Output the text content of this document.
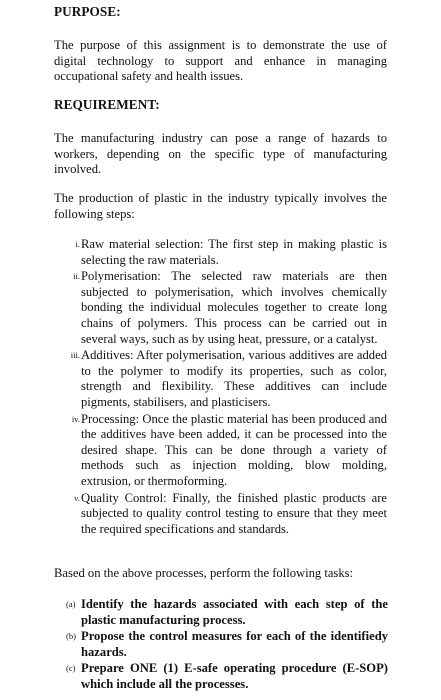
PURPOSE:
The purpose of this assignment is to demonstrate the use of digital technology to support and enhance in managing occupational safety and health issues.
REQUIREMENT:
The manufacturing industry can pose a range of hazards to workers, depending on the specific type of manufacturing involved.
The production of plastic in the industry typically involves the following steps:
i. Raw material selection: The first step in making plastic is selecting the raw materials.
ii. Polymerisation: The selected raw materials are then subjected to polymerisation, which involves chemically bonding the individual molecules together to create long chains of polymers. This process can be carried out in several ways, such as by using heat, pressure, or a catalyst.
iii. Additives: After polymerisation, various additives are added to the polymer to modify its properties, such as color, strength and flexibility. These additives can include pigments, stabilisers, and plasticisers.
iv. Processing: Once the plastic material has been produced and the additives have been added, it can be processed into the desired shape. This can be done through a variety of methods such as injection molding, blow molding, extrusion, or thermoforming.
v. Quality Control: Finally, the finished plastic products are subjected to quality control testing to ensure that they meet the required specifications and standards.
Based on the above processes, perform the following tasks:
(a) Identify the hazards associated with each step of the plastic manufacturing process.
(b) Propose the control measures for each of the identifiedy hazards.
(c) Prepare ONE (1) E-safe operating procedure (E-SOP) which include all the processes.
